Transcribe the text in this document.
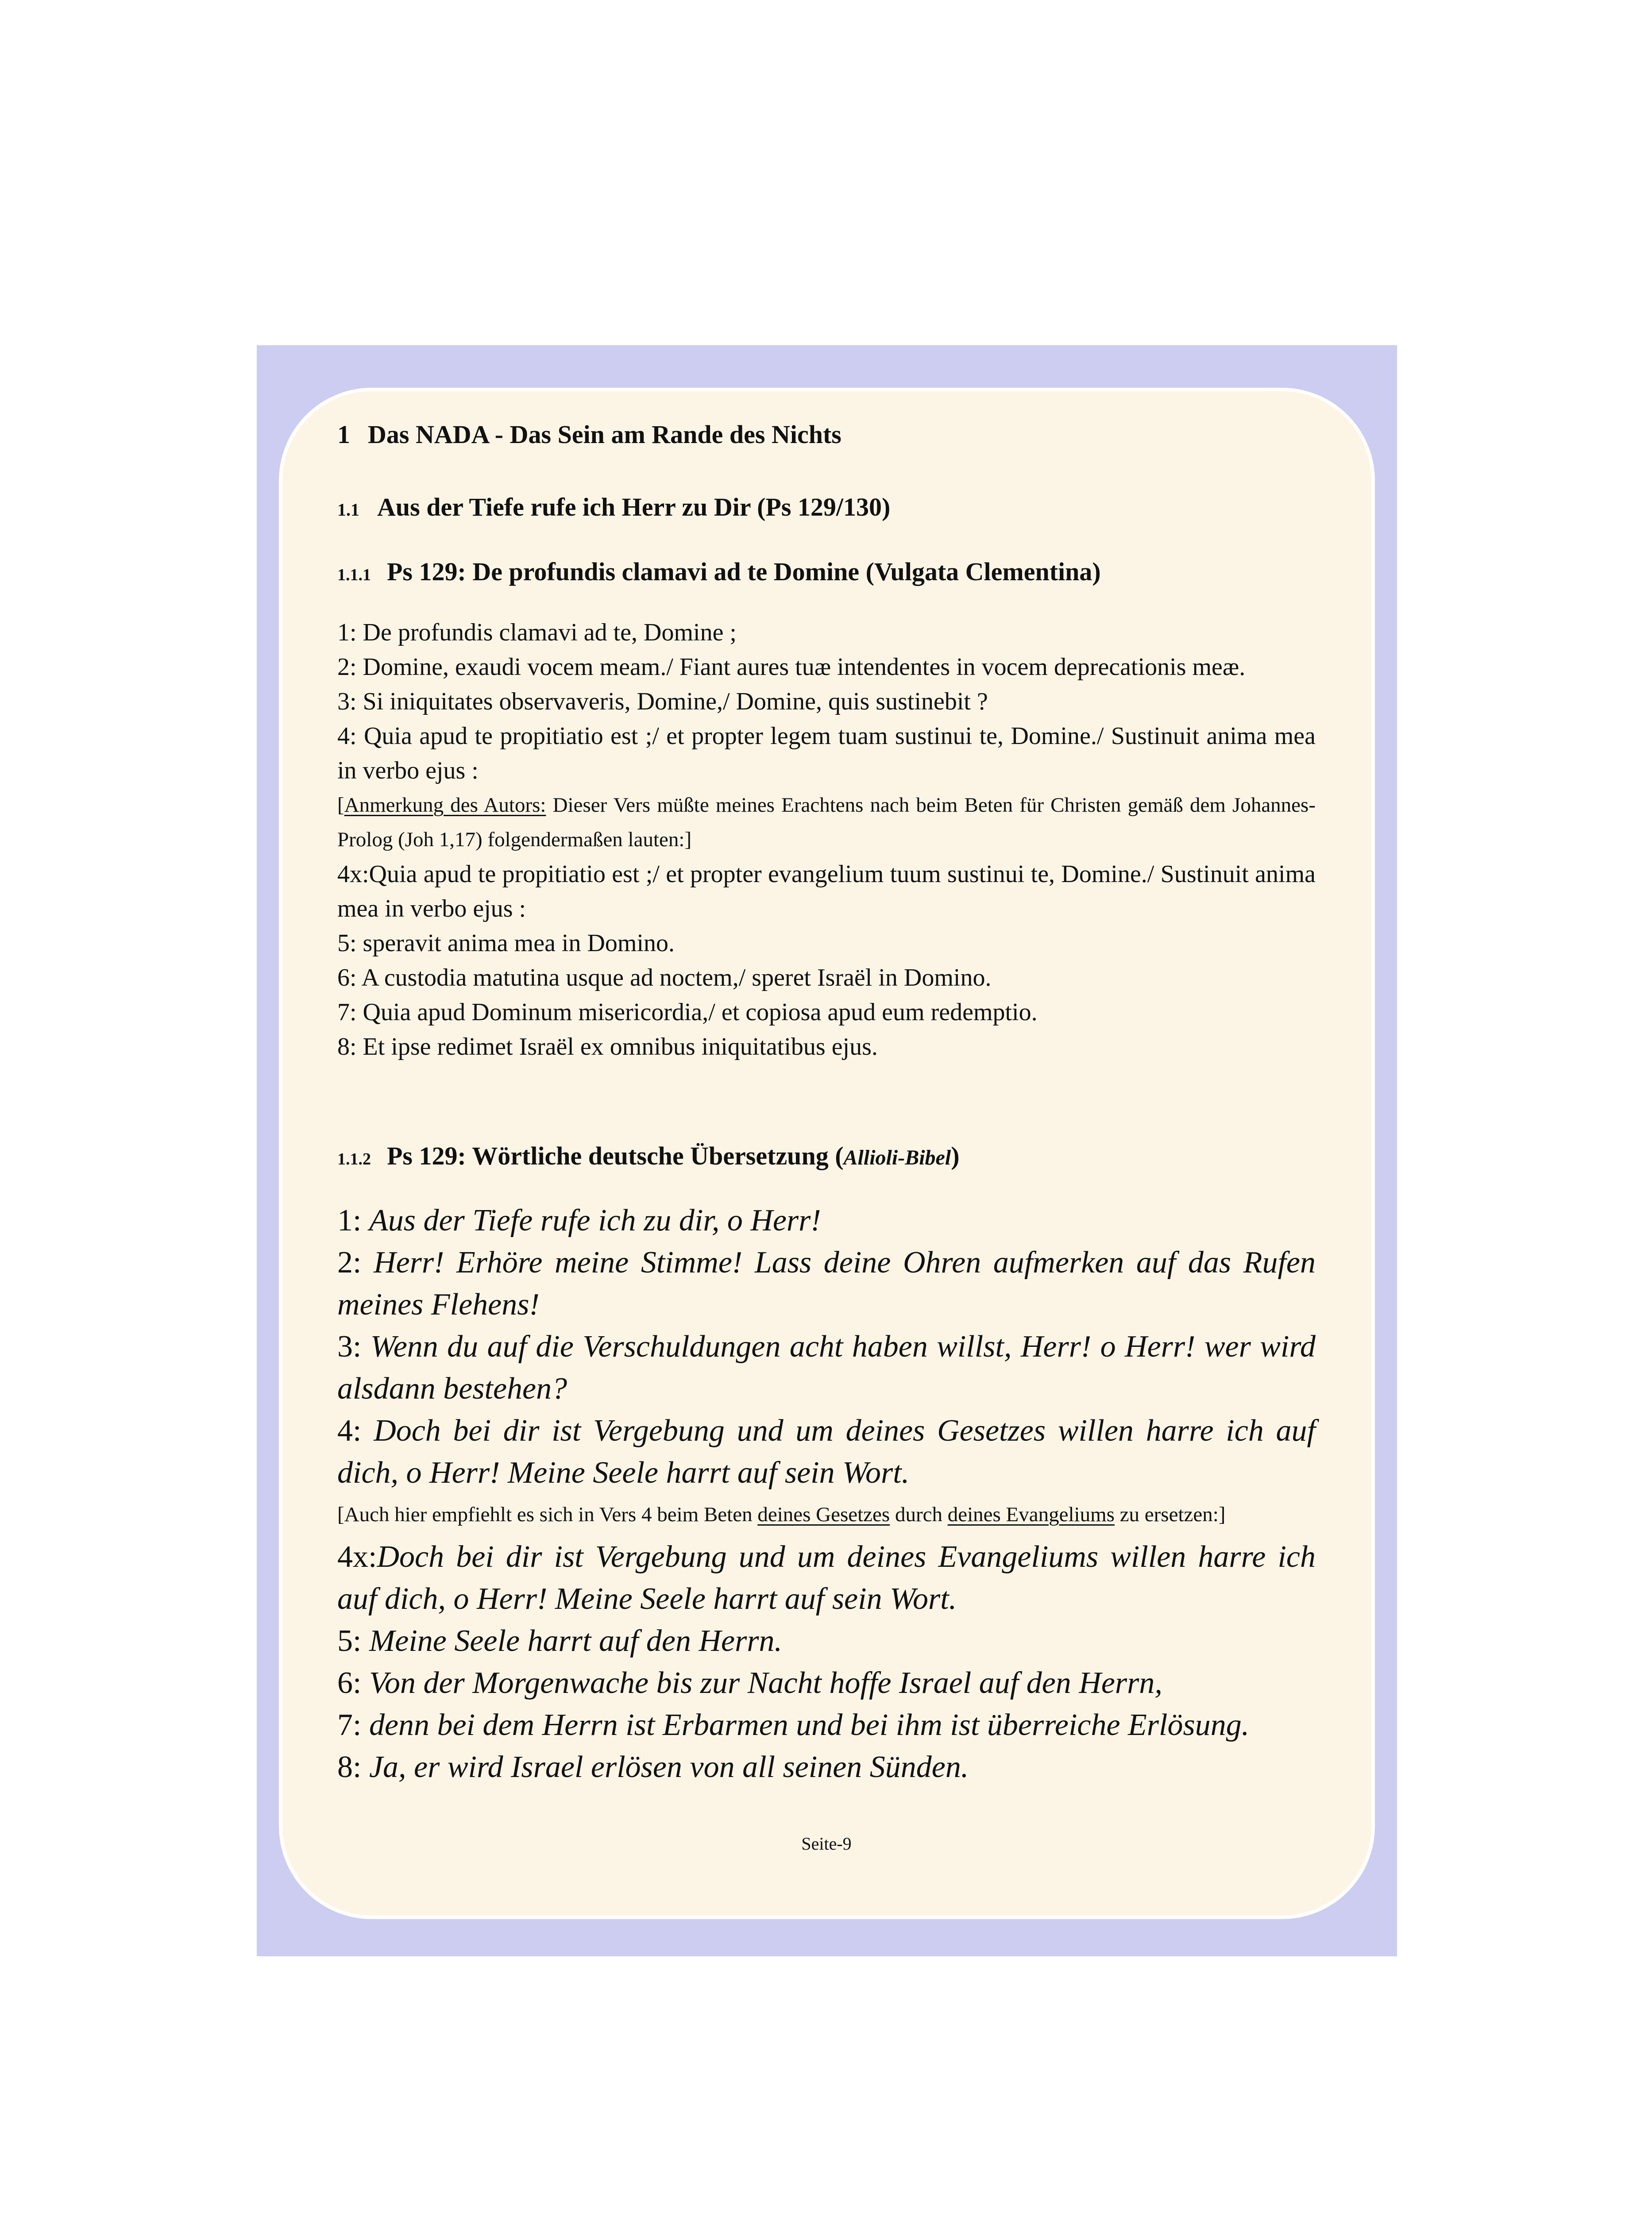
1 Das NADA - Das Sein am Rande des Nichts
1.1 Aus der Tiefe rufe ich Herr zu Dir (Ps 129/130)
1.1.1 Ps 129: De profundis clamavi ad te Domine (Vulgata Clementina)

1: De profundis clamavi ad te, Domine ;

2: Domine, exaudi vocem meam./ Fiant aures tuæ intendentes in vocem deprecationis meæ.

3: Si iniquitates observaveris, Domine,/ Domine, quis sustinebit ?

4: Quia apud te propitiatio est ;/ et propter legem tuam sustinui te, Domine./ Sustinuit anima mea in verbo ejus :

[Anmerkung des Autors: Dieser Vers müßte meines Erachtens nach beim Beten für Christen gemäß dem Johannes-Prolog (Joh 1,17) folgendermaßen lauten:]

4x:Quia apud te propitiatio est ;/ et propter evangelium tuum sustinui te, Domine./ Sustinuit anima mea in verbo ejus :

5: speravit anima mea in Domino.

6: A custodia matutina usque ad noctem,/ speret Israël in Domino.

7: Quia apud Dominum misericordia,/ et copiosa apud eum redemptio.

8: Et ipse redimet Israël ex omnibus iniquitatibus ejus.

1.1.2 Ps 129: Wörtliche deutsche Übersetzung (Allioli-Bibel)

1: Aus der Tiefe rufe ich zu dir, o Herr!

2: Herr! Erhöre meine Stimme! Lass deine Ohren aufmerken auf das Rufen meines Flehens!

3: Wenn du auf die Verschuldungen acht haben willst, Herr! o Herr! wer wird alsdann bestehen?

4: Doch bei dir ist Vergebung und um deines Gesetzes willen harre ich auf dich, o Herr! Meine Seele harrt auf sein Wort.

[Auch hier empfiehlt es sich in Vers 4 beim Beten deines Gesetzes durch deines Evangeliums zu ersetzen:]

4x:Doch bei dir ist Vergebung und um deines Evangeliums willen harre ich auf dich, o Herr! Meine Seele harrt auf sein Wort.

5: Meine Seele harrt auf den Herrn.

6: Von der Morgenwache bis zur Nacht hoffe Israel auf den Herrn,

7: denn bei dem Herrn ist Erbarmen und bei ihm ist überreiche Erlösung.

8: Ja, er wird Israel erlösen von all seinen Sünden.

Seite-9
